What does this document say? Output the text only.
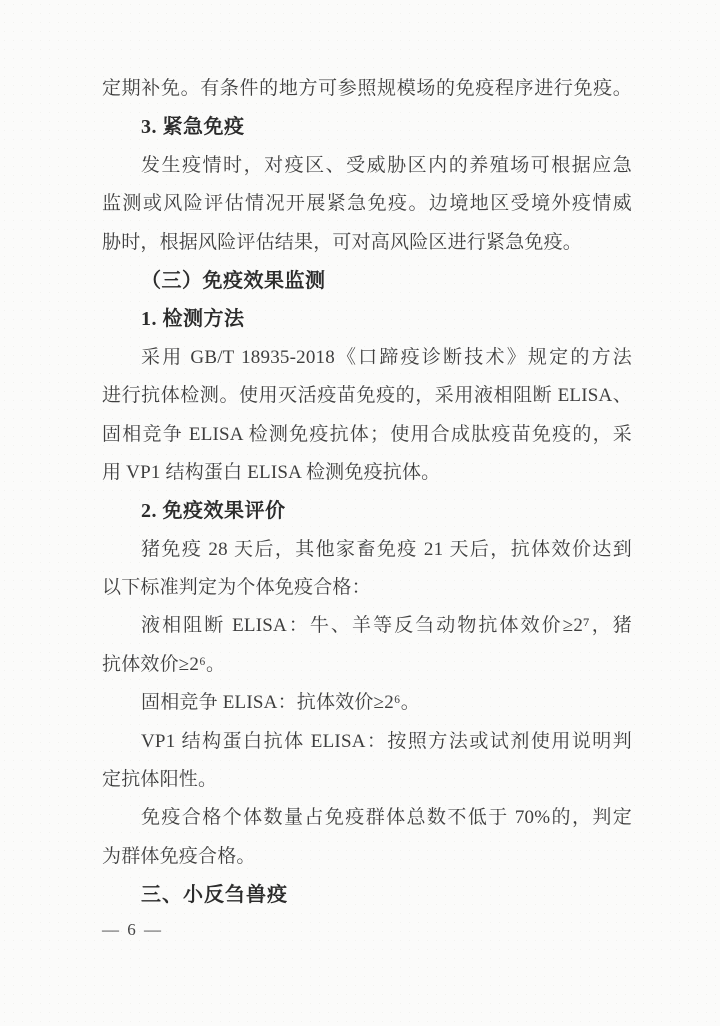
定期补免。有条件的地方可参照规模场的免疫程序进行免疫。
3. 紧急免疫
发生疫情时，对疫区、受威胁区内的养殖场可根据应急
监测或风险评估情况开展紧急免疫。边境地区受境外疫情威
胁时，根据风险评估结果，可对高风险区进行紧急免疫。
（三）免疫效果监测
1. 检测方法
采用 GB/T 18935-2018《口蹄疫诊断技术》规定的方法
进行抗体检测。使用灭活疫苗免疫的，采用液相阻断 ELISA、
固相竞争 ELISA 检测免疫抗体；使用合成肽疫苗免疫的，采
用 VP1 结构蛋白 ELISA 检测免疫抗体。
2. 免疫效果评价
猪免疫 28 天后，其他家畜免疫 21 天后，抗体效价达到
以下标准判定为个体免疫合格：
液相阻断 ELISA：牛、羊等反刍动物抗体效价≥2⁷，猪
抗体效价≥2⁶。
固相竞争 ELISA：抗体效价≥2⁶。
VP1 结构蛋白抗体 ELISA：按照方法或试剂使用说明判
定抗体阳性。
免疫合格个体数量占免疫群体总数不低于 70%的，判定
为群体免疫合格。
三、小反刍兽疫
— 6 —
